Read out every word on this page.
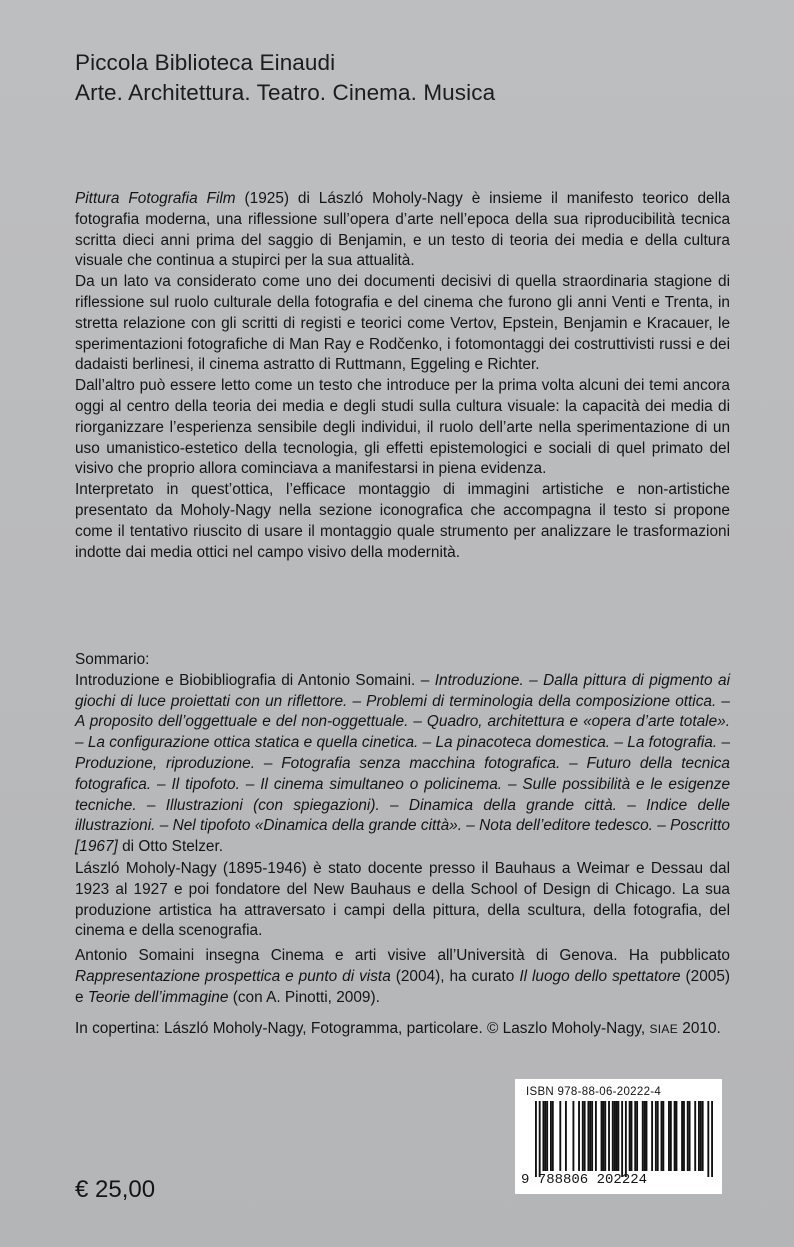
Piccola Biblioteca Einaudi
Arte. Architettura. Teatro. Cinema. Musica

Pittura Fotografia Film (1925) di László Moholy-Nagy è insieme il manifesto teorico della fotografia moderna, una riflessione sull’opera d’arte nell’epoca della sua riproducibilità tecnica scritta dieci anni prima del saggio di Benjamin, e un testo di teoria dei media e della cultura visuale che continua a stupirci per la sua attualità.

Da un lato va considerato come uno dei documenti decisivi di quella straordinaria stagione di riflessione sul ruolo culturale della fotografia e del cinema che furono gli anni Venti e Trenta, in stretta relazione con gli scritti di registi e teorici come Vertov, Epstein, Benjamin e Kracauer, le sperimentazioni fotografiche di Man Ray e Rodčenko, i fotomontaggi dei costruttivisti russi e dei dadaisti berlinesi, il cinema astratto di Ruttmann, Eggeling e Richter.

Dall’altro può essere letto come un testo che introduce per la prima volta alcuni dei temi ancora oggi al centro della teoria dei media e degli studi sulla cultura visuale: la capacità dei media di riorganizzare l’esperienza sensibile degli individui, il ruolo dell’arte nella sperimentazione di un uso umanistico-estetico della tecnologia, gli effetti epistemologici e sociali di quel primato del visivo che proprio allora cominciava a manifestarsi in piena evidenza.

Interpretato in quest’ottica, l’efficace montaggio di immagini artistiche e non-artistiche presentato da Moholy-Nagy nella sezione iconografica che accompagna il testo si propone come il tentativo riuscito di usare il montaggio quale strumento per analizzare le trasformazioni indotte dai media ottici nel campo visivo della modernità.

Sommario:

Introduzione e Biobibliografia di Antonio Somaini. – Introduzione. – Dalla pittura di pigmento ai giochi di luce proiettati con un riflettore. – Problemi di terminologia della composizione ottica. – A proposito dell’oggettuale e del non-oggettuale. – Quadro, architettura e «opera d’arte totale». – La configurazione ottica statica e quella cinetica. – La pinacoteca domestica. – La fotografia. – Produzione, riproduzione. – Fotografia senza macchina fotografica. – Futuro della tecnica fotografica. – Il tipofoto. – Il cinema simultaneo o policinema. – Sulle possibilità e le esigenze tecniche. – Illustrazioni (con spiegazioni). – Dinamica della grande città. – Indice delle illustrazioni. – Nel tipofoto «Dinamica della grande città». – Nota dell’editore tedesco. – Poscritto [1967] di Otto Stelzer.

László Moholy-Nagy (1895-1946) è stato docente presso il Bauhaus a Weimar e Dessau dal 1923 al 1927 e poi fondatore del New Bauhaus e della School of Design di Chicago. La sua produzione artistica ha attraversato i campi della pittura, della scultura, della fotografia, del cinema e della scenografia.

Antonio Somaini insegna Cinema e arti visive all’Università di Genova. Ha pubblicato Rappresentazione prospettica e punto di vista (2004), ha curato Il luogo dello spettatore (2005) e Teorie dell’immagine (con A. Pinotti, 2009).

In copertina: László Moholy-Nagy, Fotogramma, particolare. © Laszlo Moholy-Nagy, SIAE 2010.
ISBN 978-88-06-20222-4
9 788806 202224
€ 25,00
